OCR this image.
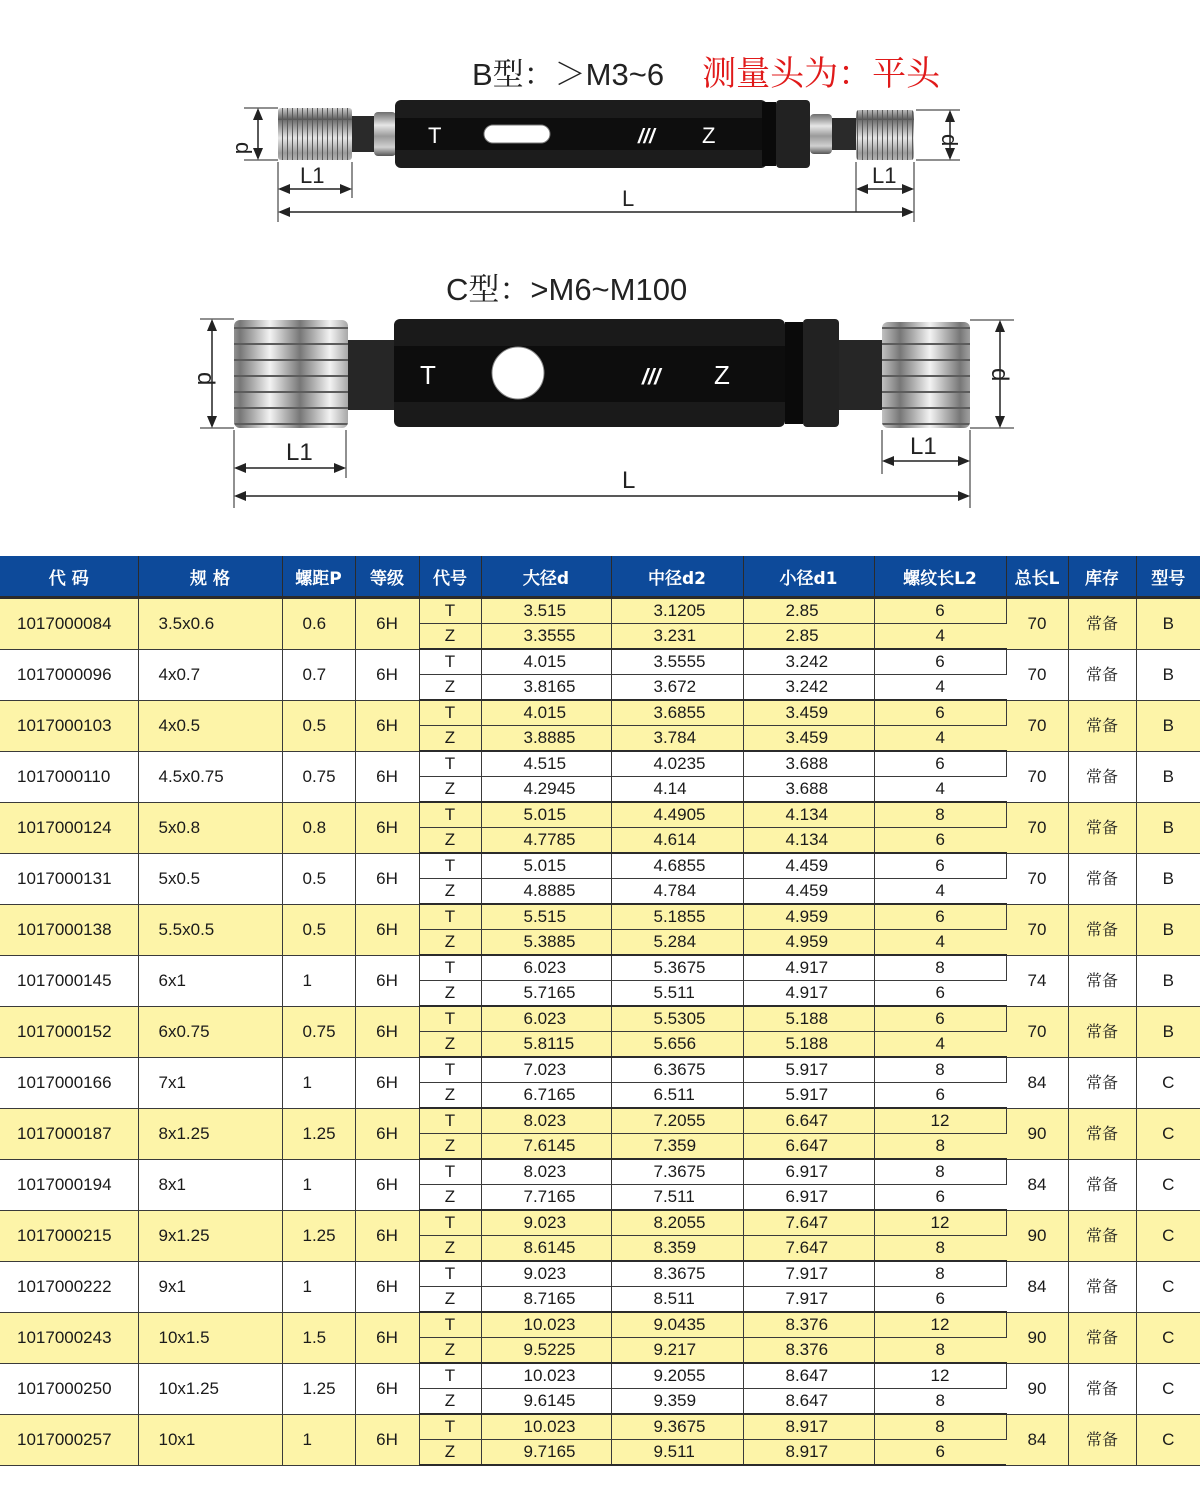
B型：＞M3~6 测量头为：平头
T	/// Z
d
d
L1	L1
L
C型：>M6~M100
T	/// Z
d	d
L1	L1
L
代 码	规 格	螺距P	等级	代号	大径d	中径d2	小径d1	螺纹长L2	总长L	库存	型号
1017000084	3.5x0.6	0.6	6H	T	3.515	3.1205	2.85	6	70	常备	B
				Z	3.3555	3.231	2.85	4			
1017000096	4x0.7	0.7	6H	T	4.015	3.5555	3.242	6	70	常备	B
				Z	3.8165	3.672	3.242	4			
1017000103	4x0.5	0.5	6H	T	4.015	3.6855	3.459	6	70	常备	B
				Z	3.8885	3.784	3.459	4			
1017000110	4.5x0.75	0.75	6H	T	4.515	4.0235	3.688	6	70	常备	B
				Z	4.2945	4.14	3.688	4			
1017000124	5x0.8	0.8	6H	T	5.015	4.4905	4.134	8	70	常备	B
				Z	4.7785	4.614	4.134	6			
1017000131	5x0.5	0.5	6H	T	5.015	4.6855	4.459	6	70	常备	B
				Z	4.8885	4.784	4.459	4			
1017000138	5.5x0.5	0.5	6H	T	5.515	5.1855	4.959	6	70	常备	B
				Z	5.3885	5.284	4.959	4			
1017000145	6x1	1	6H	T	6.023	5.3675	4.917	8	74	常备	B
				Z	5.7165	5.511	4.917	6			
1017000152	6x0.75	0.75	6H	T	6.023	5.5305	5.188	6	70	常备	B
				Z	5.8115	5.656	5.188	4			
1017000166	7x1	1	6H	T	7.023	6.3675	5.917	8	84	常备	C
				Z	6.7165	6.511	5.917	6			
1017000187	8x1.25	1.25	6H	T	8.023	7.2055	6.647	12	90	常备	C
				Z	7.6145	7.359	6.647	8			
1017000194	8x1	1	6H	T	8.023	7.3675	6.917	8	84	常备	C
				Z	7.7165	7.511	6.917	6			
1017000215	9x1.25	1.25	6H	T	9.023	8.2055	7.647	12	90	常备	C
				Z	8.6145	8.359	7.647	8			
1017000222	9x1	1	6H	T	9.023	8.3675	7.917	8	84	常备	C
				Z	8.7165	8.511	7.917	6			
1017000243	10x1.5	1.5	6H	T	10.023	9.0435	8.376	12	90	常备	C
				Z	9.5225	9.217	8.376	8			
1017000250	10x1.25	1.25	6H	T	10.023	9.2055	8.647	12	90	常备	C
				Z	9.6145	9.359	8.647	8			
1017000257	10x1	1	6H	T	10.023	9.3675	8.917	8	84	常备	C
				Z	9.7165	9.511	8.917	6			
